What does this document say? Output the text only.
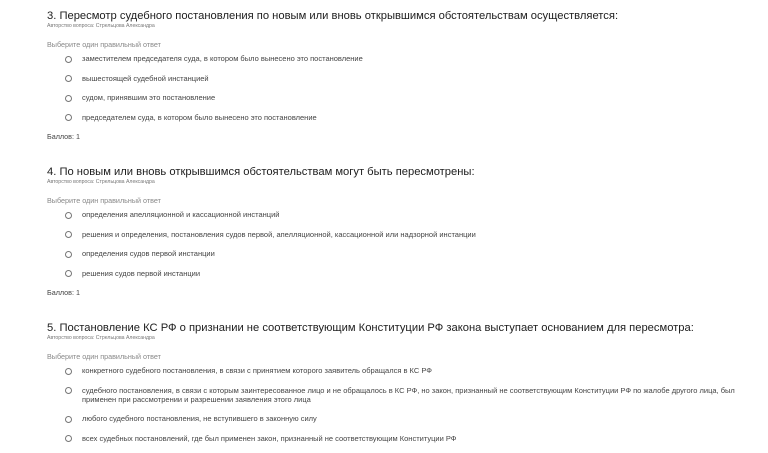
3. Пересмотр судебного постановления по новым или вновь открывшимся обстоятельствам осуществляется:
Авторство вопроса: Стрельцова Александра
Выберите один правильный ответ
заместителем председателя суда, в котором было вынесено это постановление
вышестоящей судебной инстанцией
судом, принявшим это постановление
председателем суда, в котором было вынесено это постановление
Баллов: 1
4. По новым или вновь открывшимся обстоятельствам могут быть пересмотрены:
Авторство вопроса: Стрельцова Александра
Выберите один правильный ответ
определения апелляционной и кассационной инстанций
решения и определения, постановления судов первой, апелляционной, кассационной или надзорной инстанции
определения судов первой инстанции
решения судов первой инстанции
Баллов: 1
5. Постановление КС РФ о признании не соответствующим Конституции РФ закона выступает основанием для пересмотра:
Авторство вопроса: Стрельцова Александра
Выберите один правильный ответ
конкретного судебного постановления, в связи с принятием которого заявитель обращался в КС РФ
судебного постановления, в связи с которым заинтересованное лицо и не обращалось в КС РФ, но закон, признанный не соответствующим Конституции РФ по жалобе другого лица, был применен при рассмотрении и разрешении заявления этого лица
любого судебного постановления, не вступившего в законную силу
всех судебных постановлений, где был применен закон, признанный не соответствующим Конституции РФ
